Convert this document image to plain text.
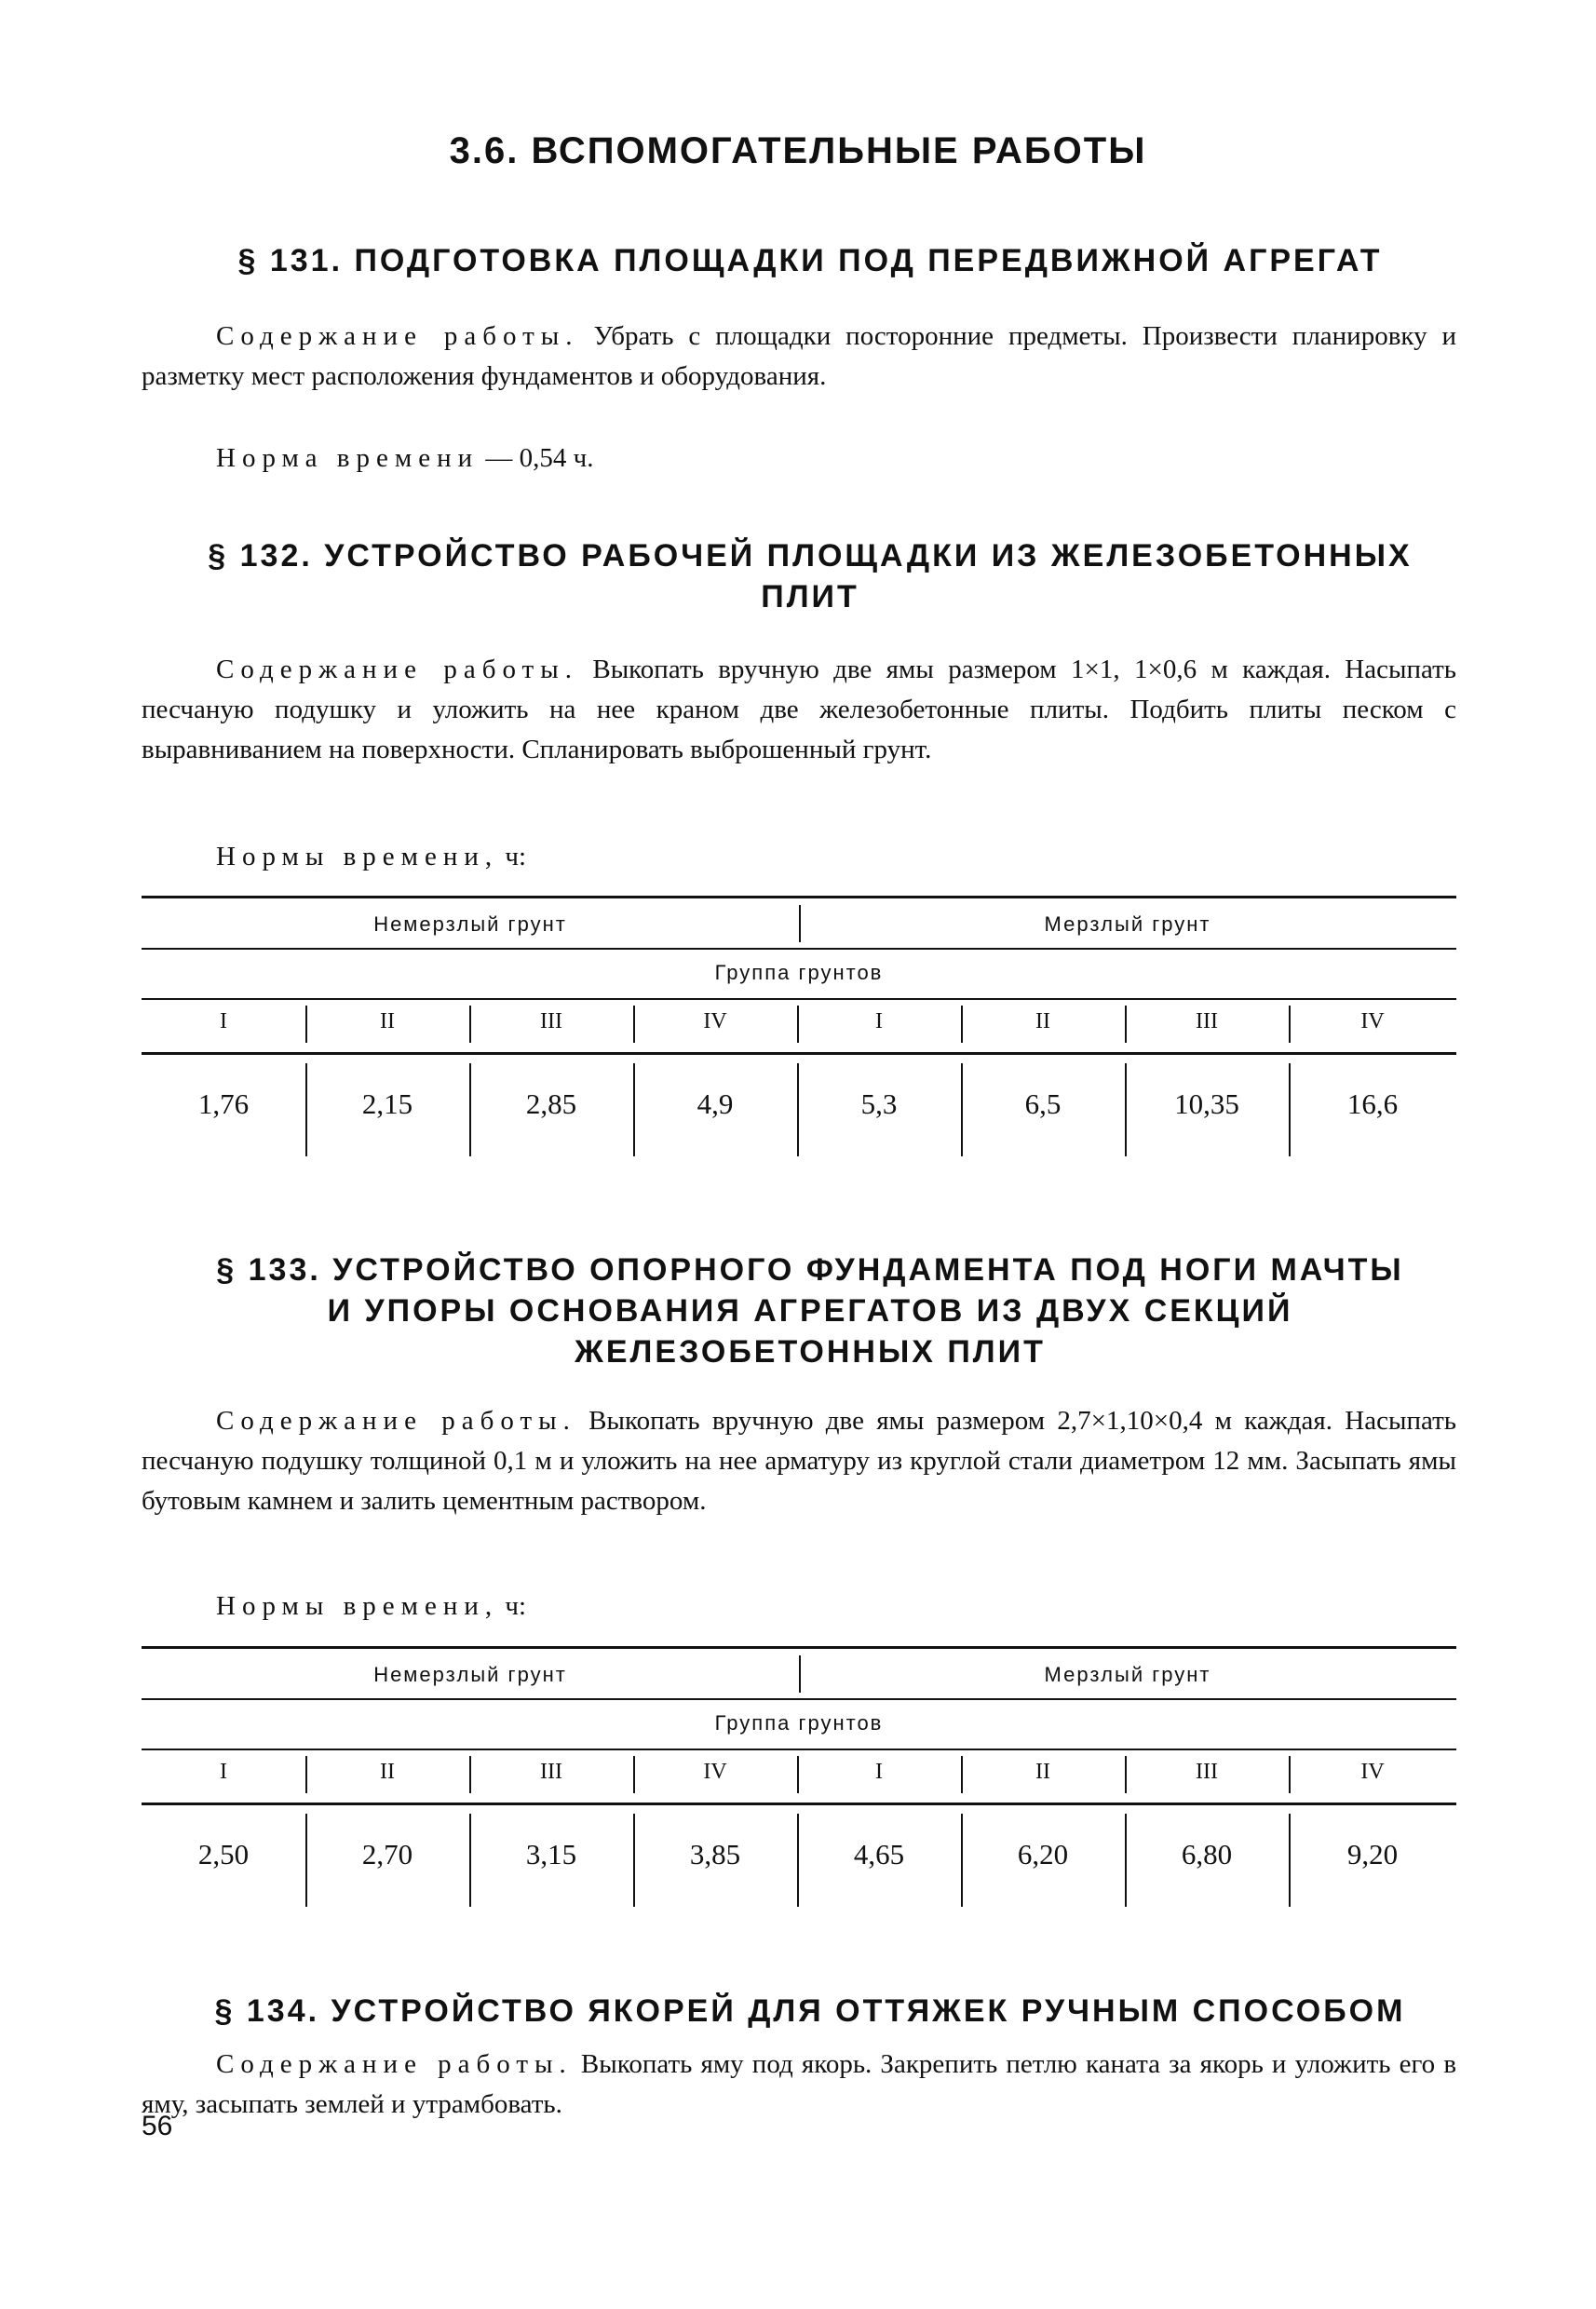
3.6. ВСПОМОГАТЕЛЬНЫЕ РАБОТЫ
§ 131. ПОДГОТОВКА ПЛОЩАДКИ ПОД ПЕРЕДВИЖНОЙ АГРЕГАТ

Содержание работы. Убрать с площадки посторонние предметы. Произвести планировку и разметку мест расположения фундаментов и оборудования.

Норма времени — 0,54 ч.

§ 132. УСТРОЙСТВО РАБОЧЕЙ ПЛОЩАДКИ ИЗ ЖЕЛЕЗОБЕТОННЫХ
ПЛИТ

Содержание работы. Выкопать вручную две ямы размером 1×1, 1×0,6 м каждая. Насыпать песчаную подушку и уложить на нее краном две железобетонные плиты. Подбить плиты песком с выравниванием на поверхности. Спланировать выброшенный грунт.

Нормы времени, ч:

Немерзлый грунт	Мерзлый грунт
Группа грунтов
I	II	III	IV	I	II	III	IV
1,76	2,15	2,85	4,9	5,3	6,5	10,35	16,6
§ 133. УСТРОЙСТВО ОПОРНОГО ФУНДАМЕНТА ПОД НОГИ МАЧТЫ
И УПОРЫ ОСНОВАНИЯ АГРЕГАТОВ ИЗ ДВУХ СЕКЦИЙ
ЖЕЛЕЗОБЕТОННЫХ ПЛИТ

Содержание работы. Выкопать вручную две ямы размером 2,7×1,10×0,4 м каждая. Насыпать песчаную подушку толщиной 0,1 м и уложить на нее арматуру из круглой стали диаметром 12 мм. Засыпать ямы бутовым камнем и залить цементным раствором.

Нормы времени, ч:

Немерзлый грунт	Мерзлый грунт
Группа грунтов
I	II	III	IV	I	II	III	IV
2,50	2,70	3,15	3,85	4,65	6,20	6,80	9,20
§ 134. УСТРОЙСТВО ЯКОРЕЙ ДЛЯ ОТТЯЖЕК РУЧНЫМ СПОСОБОМ

Содержание работы. Выкопать яму под якорь. Закрепить петлю каната за якорь и уложить его в яму, засыпать землей и утрамбовать.

56
